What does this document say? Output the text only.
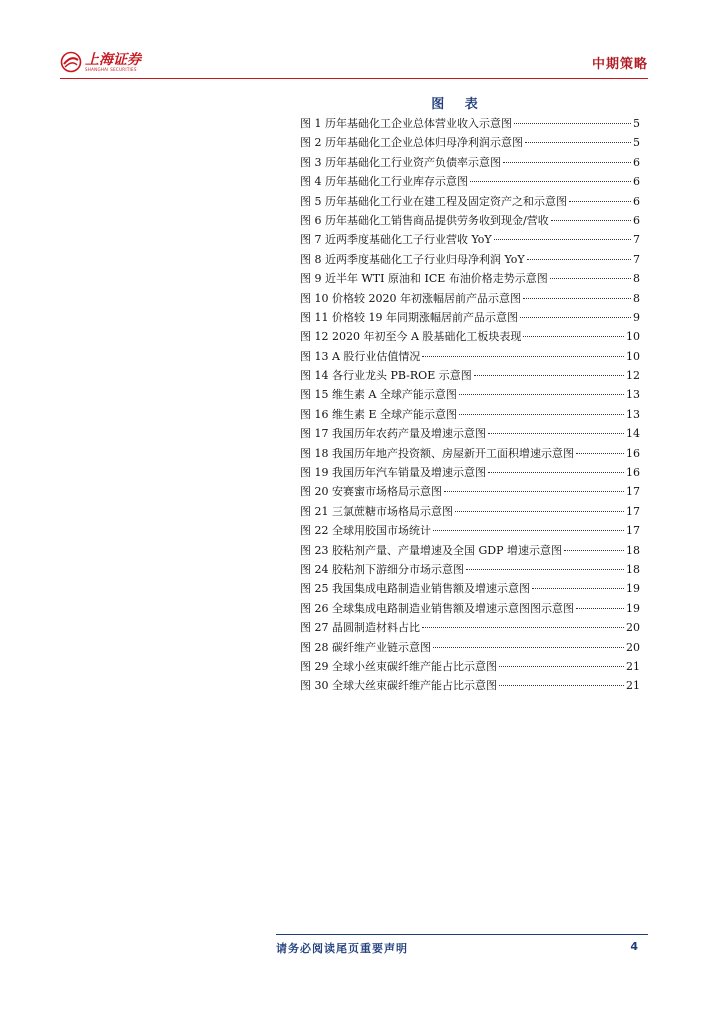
上海证券
SHANGHAI SECURITIES	中期策略
图 表
图 1 历年基础化工企业总体营业收入示意图	5
图 2 历年基础化工企业总体归母净利润示意图	5
图 3 历年基础化工行业资产负债率示意图	6
图 4 历年基础化工行业库存示意图	6
图 5 历年基础化工行业在建工程及固定资产之和示意图	6
图 6 历年基础化工销售商品提供劳务收到现金/营收	6
图 7 近两季度基础化工子行业营收 YoY	7
图 8 近两季度基础化工子行业归母净利润 YoY	7
图 9 近半年 WTI 原油和 ICE 布油价格走势示意图	8
图 10 价格较 2020 年初涨幅居前产品示意图	8
图 11 价格较 19 年同期涨幅居前产品示意图	9
图 12 2020 年初至今 A 股基础化工板块表现	10
图 13 A 股行业估值情况	10
图 14 各行业龙头 PB-ROE 示意图	12
图 15 维生素 A 全球产能示意图	13
图 16 维生素 E 全球产能示意图	13
图 17 我国历年农药产量及增速示意图	14
图 18 我国历年地产投资额、房屋新开工面积增速示意图	16
图 19 我国历年汽车销量及增速示意图	16
图 20 安赛蜜市场格局示意图	17
图 21 三氯蔗糖市场格局示意图	17
图 22 全球用胶国市场统计	17
图 23 胶粘剂产量、产量增速及全国 GDP 增速示意图	18
图 24 胶粘剂下游细分市场示意图	18
图 25 我国集成电路制造业销售额及增速示意图	19
图 26 全球集成电路制造业销售额及增速示意图图示意图	19
图 27 晶圆制造材料占比	20
图 28 碳纤维产业链示意图	20
图 29 全球小丝束碳纤维产能占比示意图	21
图 30 全球大丝束碳纤维产能占比示意图	21
请务必阅读尾页重要声明	4
